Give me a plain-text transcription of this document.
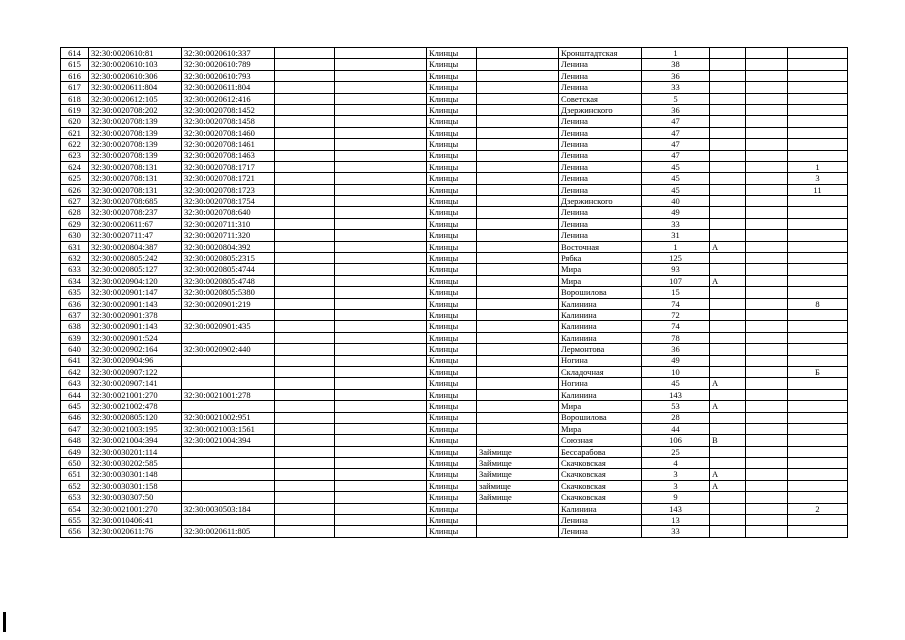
614	32:30:0020610:81	32:30:0020610:337			Клинцы		Кронштадтская	1			
615	32:30:0020610:103	32:30:0020610:789			Клинцы		Ленина	38			
616	32:30:0020610:306	32:30:0020610:793			Клинцы		Ленина	36			
617	32:30:0020611:804	32:30:0020611:804			Клинцы		Ленина	33			
618	32:30:0020612:105	32:30:0020612:416			Клинцы		Советская	5			
619	32:30:0020708:202	32:30:0020708:1452			Клинцы		Дзержинского	36			
620	32:30:0020708:139	32:30:0020708:1458			Клинцы		Ленина	47			
621	32:30:0020708:139	32:30:0020708:1460			Клинцы		Ленина	47			
622	32:30:0020708:139	32:30:0020708:1461			Клинцы		Ленина	47			
623	32:30:0020708:139	32:30:0020708:1463			Клинцы		Ленина	47			
624	32:30:0020708:131	32:30:0020708:1717			Клинцы		Ленина	45			1
625	32:30:0020708:131	32:30:0020708:1721			Клинцы		Ленина	45			3
626	32:30:0020708:131	32:30:0020708:1723			Клинцы		Ленина	45			11
627	32:30:0020708:685	32:30:0020708:1754			Клинцы		Дзержинского	40			
628	32:30:0020708:237	32:30:0020708:640			Клинцы		Ленина	49			
629	32:30:0020611:67	32:30:0020711:310			Клинцы		Ленина	33			
630	32:30:0020711:47	32:30:0020711:320			Клинцы		Ленина	31			
631	32:30:0020804:387	32:30:0020804:392			Клинцы		Восточная	1	А		
632	32:30:0020805:242	32:30:0020805:2315			Клинцы		Рябка	125			
633	32:30:0020805:127	32:30:0020805:4744			Клинцы		Мира	93			
634	32:30:0020904:120	32:30:0020805:4748			Клинцы		Мира	107	А		
635	32:30:0020901:147	32:30:0020805:5380			Клинцы		Ворошилова	15			
636	32:30:0020901:143	32:30:0020901:219			Клинцы		Калинина	74			8
637	32:30:0020901:378				Клинцы		Калинина	72			
638	32:30:0020901:143	32:30:0020901:435			Клинцы		Калинина	74			
639	32:30:0020901:524				Клинцы		Калинина	78			
640	32:30:0020902:164	32:30:0020902:440			Клинцы		Лермонтова	36			
641	32:30:0020904:96				Клинцы		Ногина	49			
642	32:30:0020907:122				Клинцы		Складочная	10			Б
643	32:30:0020907:141				Клинцы		Ногина	45	А		
644	32:30:0021001:270	32:30:0021001:278			Клинцы		Калинина	143			
645	32:30:0021002:478				Клинцы		Мира	53	А		
646	32:30:0020805:120	32:30:0021002:951			Клинцы		Ворошилова	28			
647	32:30:0021003:195	32:30:0021003:1561			Клинцы		Мира	44			
648	32:30:0021004:394	32:30:0021004:394			Клинцы		Союзная	106	В		
649	32:30:0030201:114				Клинцы	Займище	Бессарабова	25			
650	32:30:0030202:585				Клинцы	Займище	Скачковская	4			
651	32:30:0030301:148				Клинцы	Займище	Скачковская	3	А		
652	32:30:0030301:158				Клинцы	займище	Скачковская	3	А		
653	32:30:0030307:50				Клинцы	Займище	Скачковская	9			
654	32:30:0021001:270	32:30:0030503:184			Клинцы		Калинина	143			2
655	32:30:0010406:41				Клинцы		Ленина	13			
656	32:30:0020611:76	32:30:0020611:805			Клинцы		Ленина	33			
